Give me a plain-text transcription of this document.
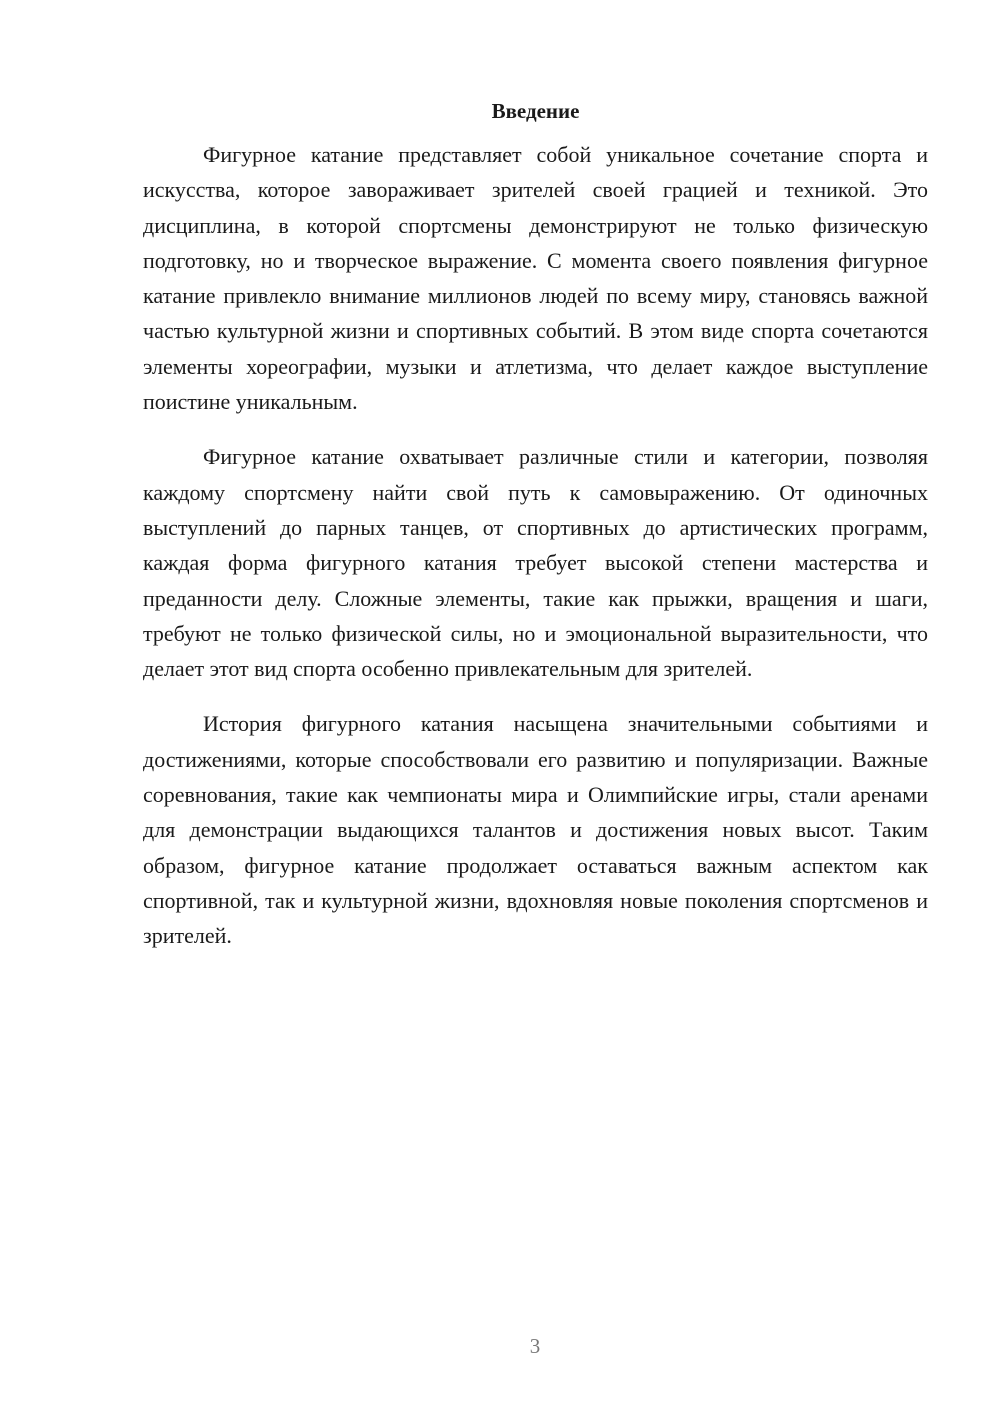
Введение

Фигурное катание представляет собой уникальное сочетание спорта и искусства, которое завораживает зрителей своей грацией и техникой. Это дисциплина, в которой спортсмены демонстрируют не только физическую подготовку, но и творческое выражение. С момента своего появления фигурное катание привлекло внимание миллионов людей по всему миру, становясь важной частью культурной жизни и спортивных событий. В этом виде спорта сочетаются элементы хореографии, музыки и атлетизма, что делает каждое выступление поистине уникальным.

Фигурное катание охватывает различные стили и категории, позволяя каждому спортсмену найти свой путь к самовыражению. От одиночных выступлений до парных танцев, от спортивных до артистических программ, каждая форма фигурного катания требует высокой степени мастерства и преданности делу. Сложные элементы, такие как прыжки, вращения и шаги, требуют не только физической силы, но и эмоциональной выразительности, что делает этот вид спорта особенно привлекательным для зрителей.

История фигурного катания насыщена значительными событиями и достижениями, которые способствовали его развитию и популяризации. Важные соревнования, такие как чемпионаты мира и Олимпийские игры, стали аренами для демонстрации выдающихся талантов и достижения новых высот. Таким образом, фигурное катание продолжает оставаться важным аспектом как спортивной, так и культурной жизни, вдохновляя новые поколения спортсменов и зрителей.

3
